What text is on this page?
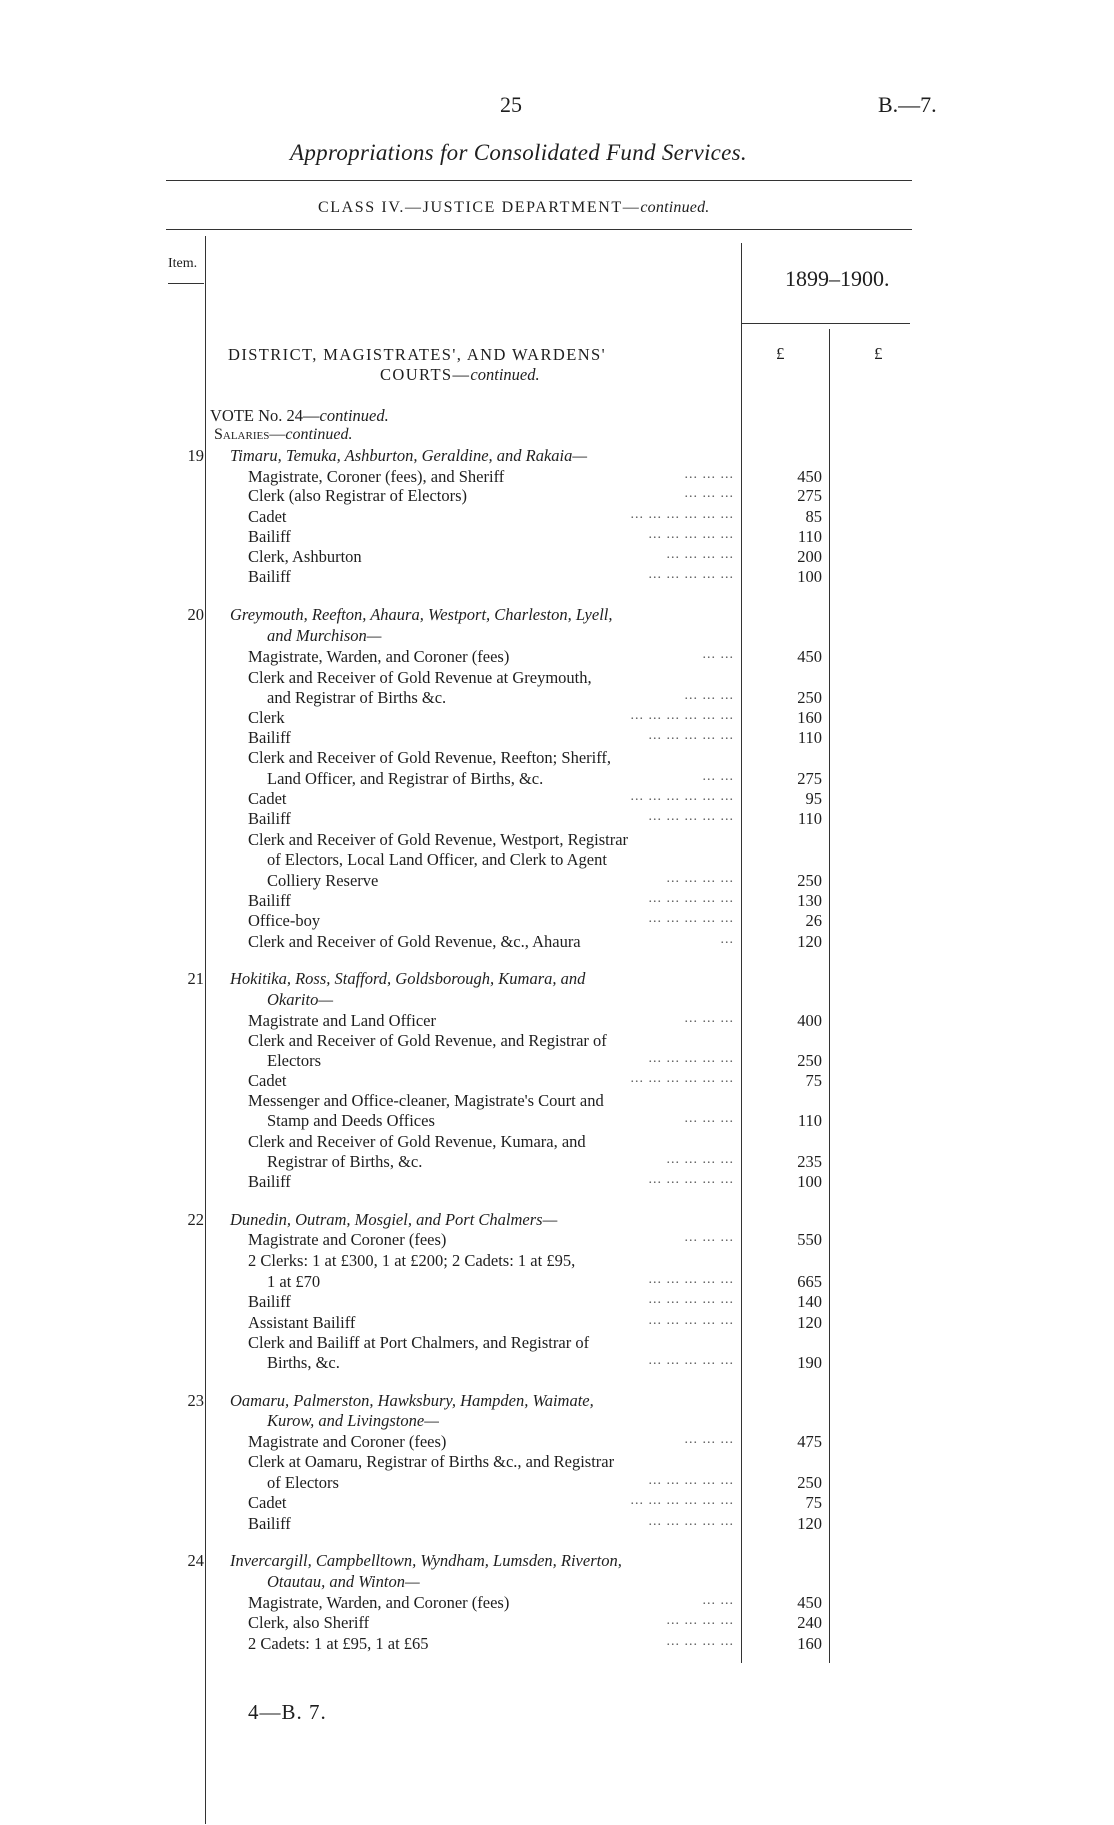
25	B.—7.
Appropriations for Consolidated Fund Services.
CLASS IV.—JUSTICE DEPARTMENT—continued.
Item.
1899–1900.
£	£
DISTRICT, MAGISTRATES', AND WARDENS'
COURTS—continued.
VOTE No. 24—continued.
Salaries—continued.
19 Timaru, Temuka, Ashburton, Geraldine, and Rakaia—
Magistrate, Coroner (fees), and Sheriff	450
... ... ...
Clerk (also Registrar of Electors)	275
... ... ...
Cadet	85
... ... ... ... ... ...
Bailiff	110
... ... ... ... ...
Clerk, Ashburton	200
... ... ... ...
Bailiff	100
... ... ... ... ...
20 Greymouth, Reefton, Ahaura, Westport, Charleston, Lyell,
and Murchison—
Magistrate, Warden, and Coroner (fees)	450
... ...
Clerk and Receiver of Gold Revenue at Greymouth,
and Registrar of Births &c.	250
... ... ...
Clerk	160
... ... ... ... ... ...
Bailiff	110
... ... ... ... ...
Clerk and Receiver of Gold Revenue, Reefton; Sheriff,
Land Officer, and Registrar of Births, &c.	275
... ...
Cadet	95
... ... ... ... ... ...
Bailiff	110
... ... ... ... ...
Clerk and Receiver of Gold Revenue, Westport, Registrar
of Electors, Local Land Officer, and Clerk to Agent
Colliery Reserve	250
... ... ... ...
Bailiff	130
... ... ... ... ...
Office-boy	26
... ... ... ... ...
Clerk and Receiver of Gold Revenue, &c., Ahaura	120
...
21 Hokitika, Ross, Stafford, Goldsborough, Kumara, and
Okarito—
Magistrate and Land Officer	400
... ... ...
Clerk and Receiver of Gold Revenue, and Registrar of
Electors	250
... ... ... ... ...
Cadet	75
... ... ... ... ... ...
Messenger and Office-cleaner, Magistrate's Court and
Stamp and Deeds Offices	110
... ... ...
Clerk and Receiver of Gold Revenue, Kumara, and
Registrar of Births, &c.	235
... ... ... ...
Bailiff	100
... ... ... ... ...
22 Dunedin, Outram, Mosgiel, and Port Chalmers—
Magistrate and Coroner (fees)	550
... ... ...
2 Clerks: 1 at £300, 1 at £200; 2 Cadets: 1 at £95,
1 at £70	665
... ... ... ... ...
Bailiff	140
... ... ... ... ...
Assistant Bailiff	120
... ... ... ... ...
Clerk and Bailiff at Port Chalmers, and Registrar of
Births, &c.	190
... ... ... ... ...
23 Oamaru, Palmerston, Hawksbury, Hampden, Waimate,
Kurow, and Livingstone—
Magistrate and Coroner (fees)	475
... ... ...
Clerk at Oamaru, Registrar of Births &c., and Registrar
of Electors	250
... ... ... ... ...
Cadet	75
... ... ... ... ... ...
Bailiff	120
... ... ... ... ...
24 Invercargill, Campbelltown, Wyndham, Lumsden, Riverton,
Otautau, and Winton—
Magistrate, Warden, and Coroner (fees)	450
... ...
Clerk, also Sheriff	240
... ... ... ...
2 Cadets: 1 at £95, 1 at £65	160
... ... ... ...
4—B. 7.
